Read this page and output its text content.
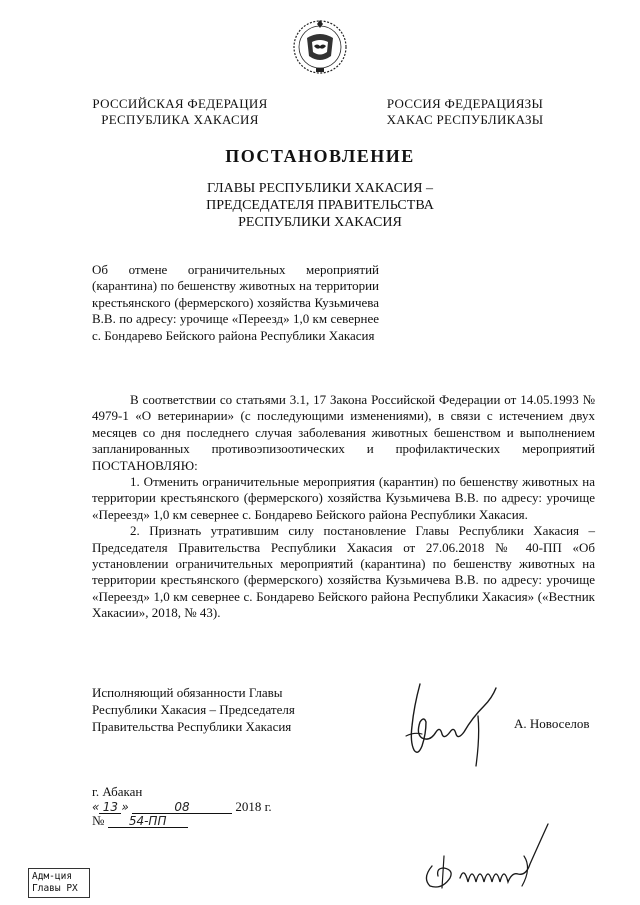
РОССИЙСКАЯ ФЕДЕРАЦИЯ
РЕСПУБЛИКА ХАКАСИЯ
РОССИЯ ФЕДЕРАЦИЯЗЫ
ХАКАС РЕСПУБЛИКАЗЫ
ПОСТАНОВЛЕНИЕ
ГЛАВЫ РЕСПУБЛИКИ ХАКАСИЯ –
ПРЕДСЕДАТЕЛЯ ПРАВИТЕЛЬСТВА
РЕСПУБЛИКИ ХАКАСИЯ
Об отмене ограничительных мероприятий (карантина) по бешенству животных на территории крестьянского (фермерского) хозяйства Кузьмичева В.В. по адресу: урочище «Переезд» 1,0 км севернее с. Бондарево Бейского района Республики Хакасия

В соответствии со статьями 3.1, 17 Закона Российской Федерации от 14.05.1993 № 4979-1 «О ветеринарии» (с последующими изменениями), в связи с истечением двух месяцев со дня последнего случая заболевания животных бешенством и выполнением запланированных противоэпизоотических и профилактических мероприятий ПОСТАНОВЛЯЮ:

1. Отменить ограничительные мероприятия (карантин) по бешенству животных на территории крестьянского (фермерского) хозяйства Кузьмичева В.В. по адресу: урочище «Переезд» 1,0 км севернее с. Бондарево Бейского района Республики Хакасия.

2. Признать утратившим силу постановление Главы Республики Хакасия – Председателя Правительства Республики Хакасия от 27.06.2018 № 40-ПП «Об установлении ограничительных мероприятий (карантина) по бешенству животных на территории крестьянского (фермерского) хозяйства Кузьмичева В.В. по адресу: урочище «Переезд» 1,0 км севернее с. Бондарево Бейского района Республики Хакасия» («Вестник Хакасии», 2018, № 43).

Исполняющий обязанности Главы
Республики Хакасия – Председателя
Правительства Республики Хакасия	А. Новоселов
г. Абакан
« 13 »	08	2018 г.
№ 54-ПП
Адм-ция
Главы РХ
